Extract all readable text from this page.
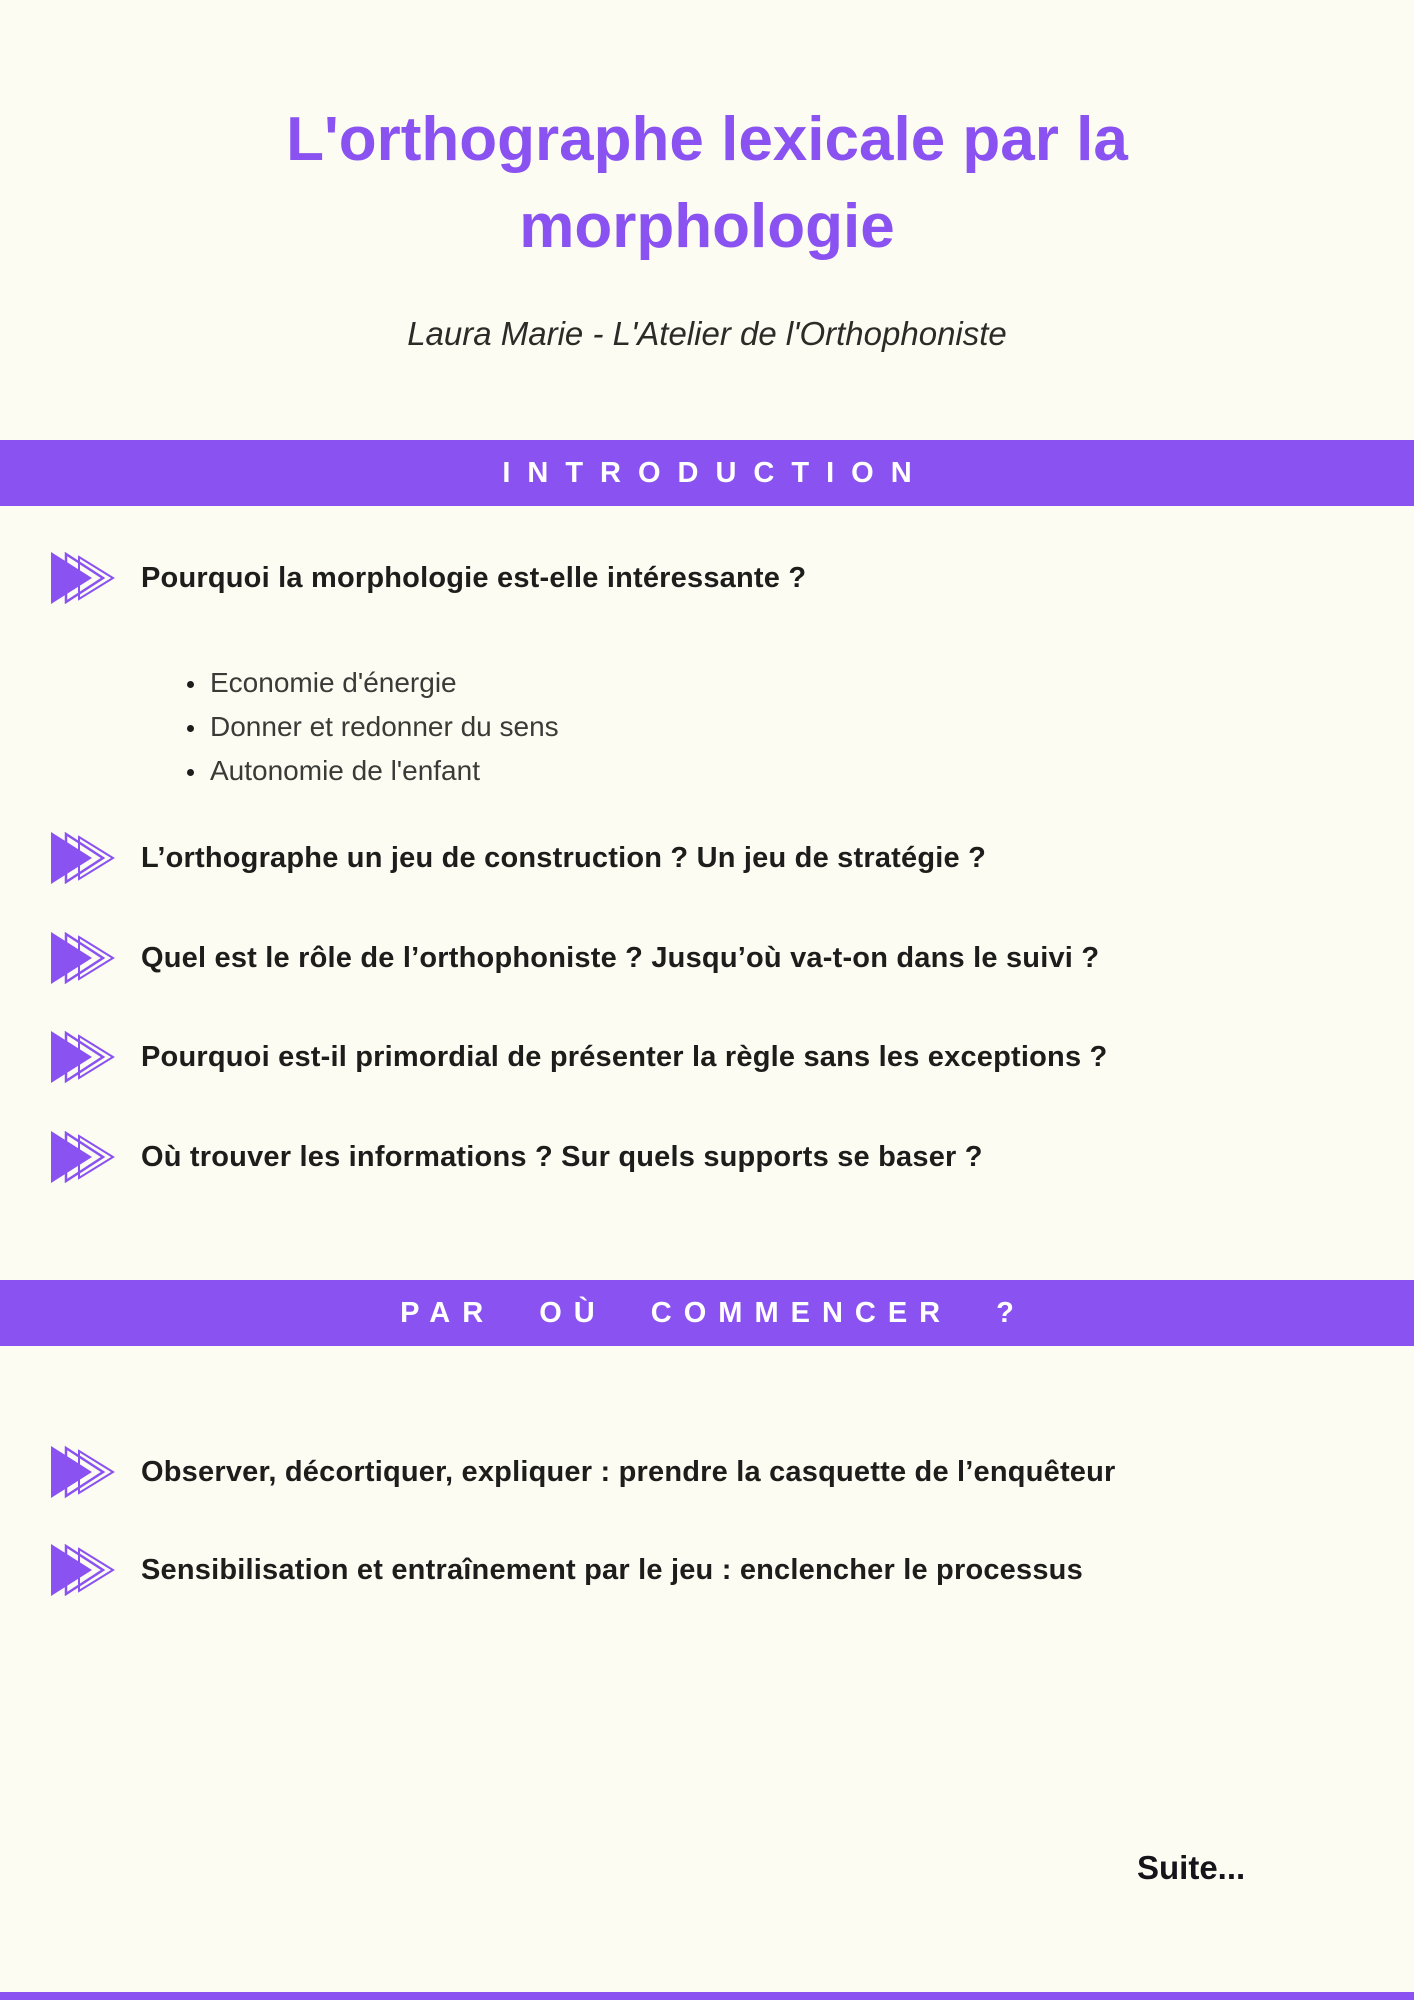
L'orthographe lexicale par la
morphologie

Laura Marie - L'Atelier de l'Orthophoniste

INTRODUCTION
Pourquoi la morphologie est-elle intéressante ?
• Economie d'énergie
• Donner et redonner du sens
• Autonomie de l'enfant
L’orthographe un jeu de construction ? Un jeu de stratégie ?
Quel est le rôle de l’orthophoniste ? Jusqu’où va-t-on dans le suivi ?
Pourquoi est-il primordial de présenter la règle sans les exceptions ?
Où trouver les informations ? Sur quels supports se baser ?
PAR OÙ COMMENCER ?
Observer, décortiquer, expliquer : prendre la casquette de l’enquêteur
Sensibilisation et entraînement par le jeu : enclencher le processus
Suite...
